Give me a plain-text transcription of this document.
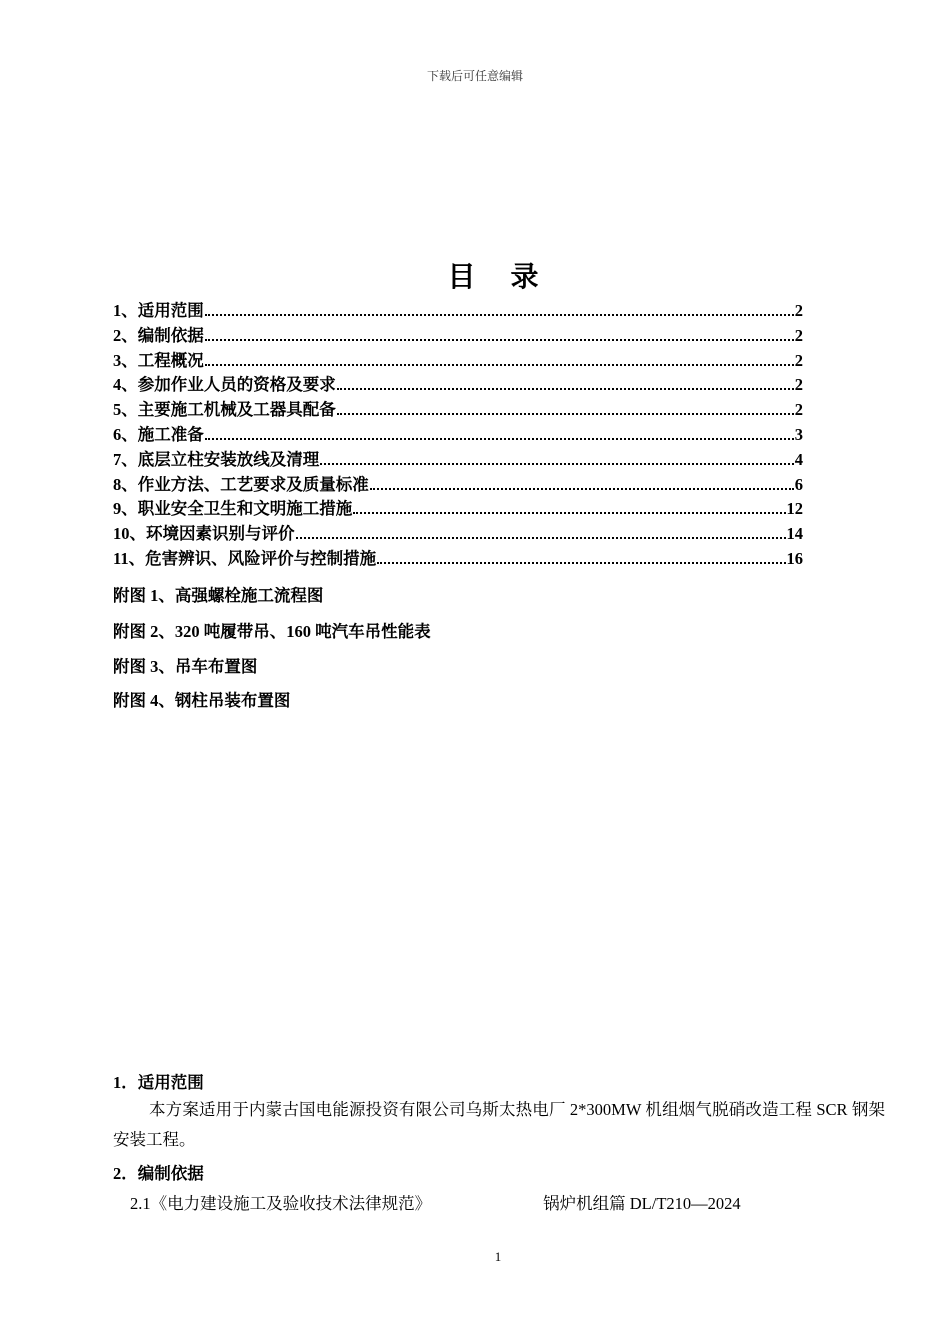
下载后可任意编辑
目 录
1、 适用范围	2
2、 编制依据	2
3、 工程概况	2
4、 参加作业人员的资格及要求	2
5、 主要施工机械及工器具配备	2
6、 施工准备	3
7、 底层立柱安装放线及清理	4
8、 作业方法、工艺要求及质量标准	6
9、 职业安全卫生和文明施工措施	12
10、 环境因素识别与评价	14
11、 危害辨识、风险评价与控制措施	16
附图 1、高强螺栓施工流程图
附图 2、320 吨履带吊、160 吨汽车吊性能表
附图 3、吊车布置图
附图 4、钢柱吊装布置图
1．适用范围
本方案适用于内蒙古国电能源投资有限公司乌斯太热电厂 2*300MW 机组烟气脱硝改造工程 SCR 钢架安装工程。
2．编制依据
2.1《电力建设施工及验收技术法律规范》	锅炉机组篇 DL/T210—2024
1
